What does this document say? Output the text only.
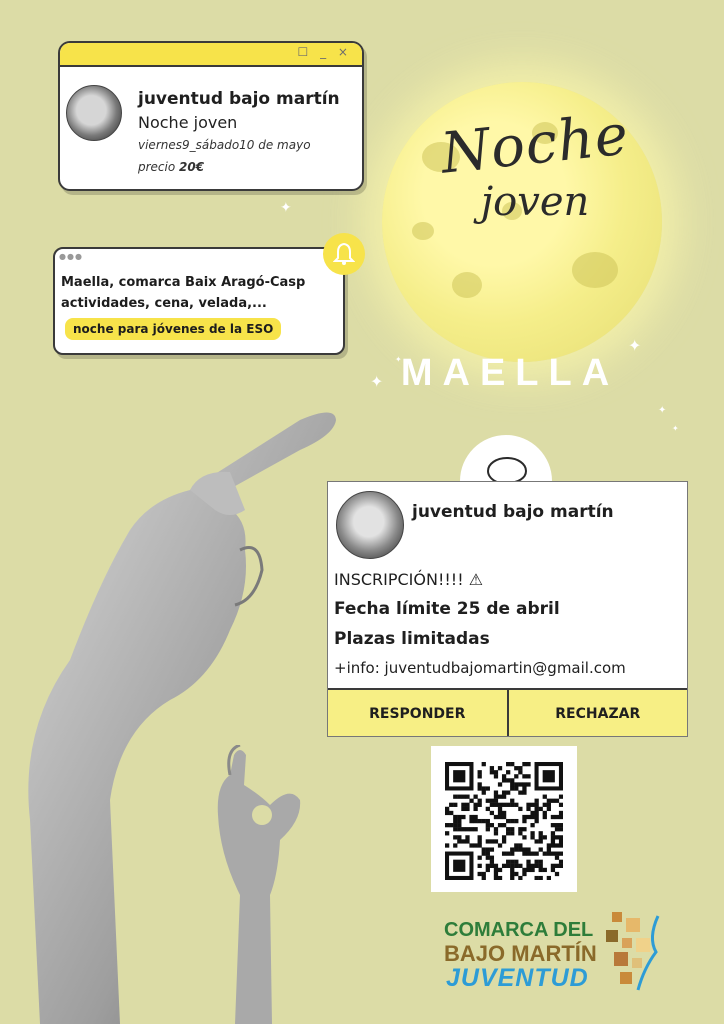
Noche
joven
MAELLA
✦
✦
✦
✦
✦
✦
☐ _ ×
juventud bajo martín
Noche joven
viernes9_sábado10 de mayo
precio 20€
●●●
Maella, comarca Baix Aragó-Casp
actividades, cena, velada,...
noche para jóvenes de la ESO
juventud bajo martín
INSCRIPCIÓN!!!! ⚠
Fecha límite 25 de abril
Plazas limitadas
+info: juventudbajomartin@gmail.com
RESPONDER	RECHAZAR
COMARCA DEL
BAJO MARTÍN
JUVENTUD
